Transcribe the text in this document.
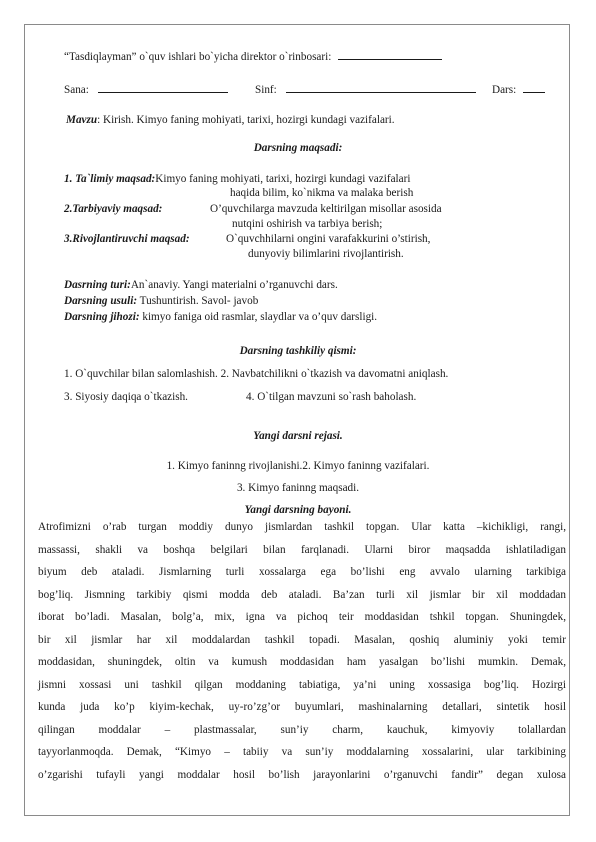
“Tasdiqlayman” o`quv ishlari bo`yicha direktor o`rinbosari:
Sana:	Sinf:	Dars:
Mavzu: Kirish. Kimyo faning mohiyati, tarixi, hozirgi kundagi vazifalari.
Darsning maqsadi:
1. Ta`limiy maqsad:Kimyo faning mohiyati, tarixi, hozirgi kundagi vazifalari
haqida bilim, ko`nikma va malaka berish
2.Tarbiyaviy maqsad:	O’quvchilarga mavzuda keltirilgan misollar asosida
nutqini oshirish va tarbiya berish;
3.Rivojlantiruvchi maqsad:	O`quvchhilarni ongini varafakkurini o’stirish,
dunyoviy bilimlarini rivojlantirish.
Dasrning turi:An`anaviy. Yangi materialni o’rganuvchi dars.
Darsning usuli: Tushuntirish. Savol- javob
Darsning jihozi: kimyo faniga oid rasmlar, slaydlar va o’quv darsligi.
Darsning tashkiliy qismi:
1. O`quvchilar bilan salomlashish. 2. Navbatchilikni o`tkazish va davomatni aniqlash.
3. Siyosiy daqiqa o`tkazish.	4. O`tilgan mavzuni so`rash baholash.
Yangi darsni rejasi.
1. Kimyo faninng rivojlanishi.2. Kimyo faninng vazifalari.
3. Kimyo faninng maqsadi.
Yangi darsning bayoni.
Atrofimizni o’rab turgan moddiy dunyo jismlardan tashkil topgan. Ular katta –kichikligi, rangi,
massassi, shakli va boshqa belgilari bilan farqlanadi. Ularni biror maqsadda ishlatiladigan
biyum deb ataladi. Jismlarning turli xossalarga ega bo’lishi eng avvalo ularning tarkibiga
bog’liq. Jismning tarkibiy qismi modda deb ataladi. Ba’zan turli xil jismlar bir xil moddadan
iborat bo’ladi. Masalan, bolg’a, mix, igna va pichoq teir moddasidan tshkil topgan. Shuningdek,
bir xil jismlar har xil moddalardan tashkil topadi. Masalan, qoshiq aluminiy yoki temir
moddasidan, shuningdek, oltin va kumush moddasidan ham yasalgan bo’lishi mumkin. Demak,
jismni xossasi uni tashkil qilgan moddaning tabiatiga, ya’ni uning xossasiga bog’liq. Hozirgi
kunda juda ko’p kiyim-kechak, uy-ro’zg’or buyumlari, mashinalarning detallari, sintetik hosil
qilingan moddalar – plastmassalar, sun’iy charm, kauchuk, kimyoviy tolallardan
tayyorlanmoqda. Demak, “Kimyo – tabiiy va sun’iy moddalarning xossalarini, ular tarkibining
o’zgarishi tufayli yangi moddalar hosil bo’lish jarayonlarini o’rganuvchi fandir” degan xulosa
